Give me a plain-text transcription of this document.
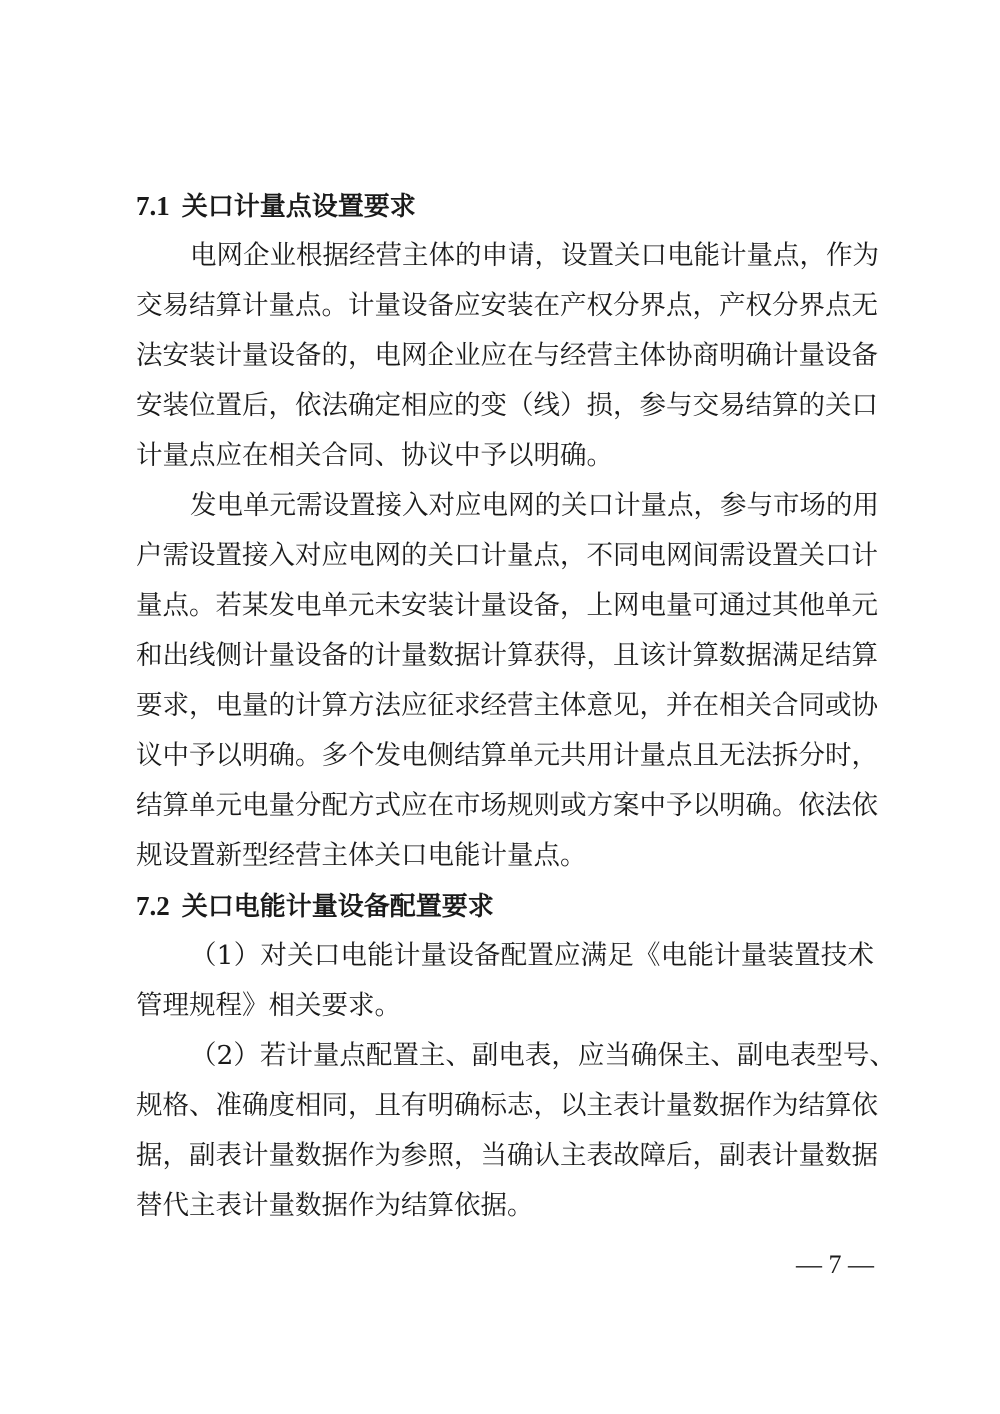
7.1 关口计量点设置要求
电网企业根据经营主体的申请，设置关口电能计量点，作为
交易结算计量点。计量设备应安装在产权分界点，产权分界点无
法安装计量设备的，电网企业应在与经营主体协商明确计量设备
安装位置后，依法确定相应的变（线）损，参与交易结算的关口
计量点应在相关合同、协议中予以明确。
发电单元需设置接入对应电网的关口计量点，参与市场的用
户需设置接入对应电网的关口计量点，不同电网间需设置关口计
量点。若某发电单元未安装计量设备，上网电量可通过其他单元
和出线侧计量设备的计量数据计算获得，且该计算数据满足结算
要求，电量的计算方法应征求经营主体意见，并在相关合同或协
议中予以明确。多个发电侧结算单元共用计量点且无法拆分时，
结算单元电量分配方式应在市场规则或方案中予以明确。依法依
规设置新型经营主体关口电能计量点。
7.2 关口电能计量设备配置要求
（1）对关口电能计量设备配置应满足《电能计量装置技术
管理规程》相关要求。
（2）若计量点配置主、副电表，应当确保主、副电表型号、
规格、准确度相同，且有明确标志，以主表计量数据作为结算依
据，副表计量数据作为参照，当确认主表故障后，副表计量数据
替代主表计量数据作为结算依据。
— 7 —
